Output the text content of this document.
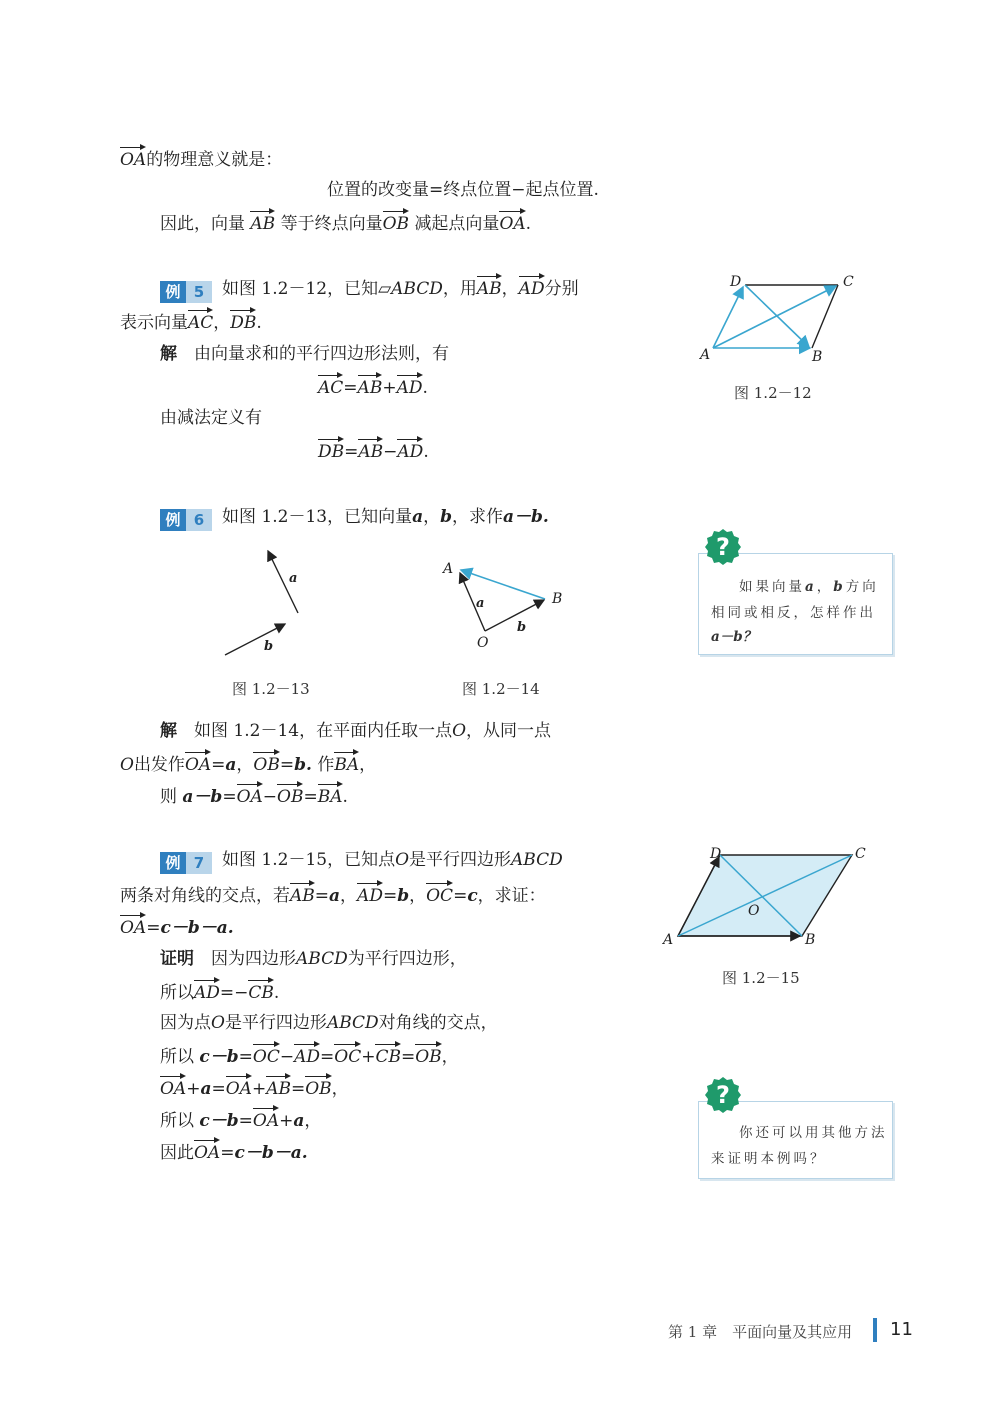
OA的物理意义就是：
位置的改变量=终点位置−起点位置.
因此，向量 AB 等于终点向量OB 减起点向量OA.
例 5 如图 1.2－12，已知▱ABCD，用AB，AD分别
表示向量AC，DB.
解　 由向量求和的平行四边形法则，有
AC=AB+AD.
由减法定义有
DB=AB−AD.
D	C
A	B
图 1.2－12
例 6 如图 1.2－13，已知向量a，b，求作a－b.
a
b
图 1.2－13
A
B
O
a
b
图 1.2－14
如果向量a，b方向
相同或相反，怎样作出
a－b？
?
解　 如图 1.2－14，在平面内任取一点O，从同一点
O出发作OA=a，OB=b. 作BA，
则 a－b=OA−OB=BA.
例 7 如图 1.2－15，已知点O是平行四边形ABCD
两条对角线的交点，若AB=a，AD=b，OC=c，求证：
OA=c－b－a.
证明　 因为四边形ABCD为平行四边形，
所以AD=−CB.
因为点O是平行四边形ABCD对角线的交点，
所以 c－b=OC−AD=OC+CB=OB，
OA+a=OA+AB=OB，
所以 c－b=OA+a，
因此OA=c－b－a.
D	C
A	B
O
图 1.2－15
你还可以用其他方法
来证明本例吗？
?
第 1 章　平面向量及其应用 11
